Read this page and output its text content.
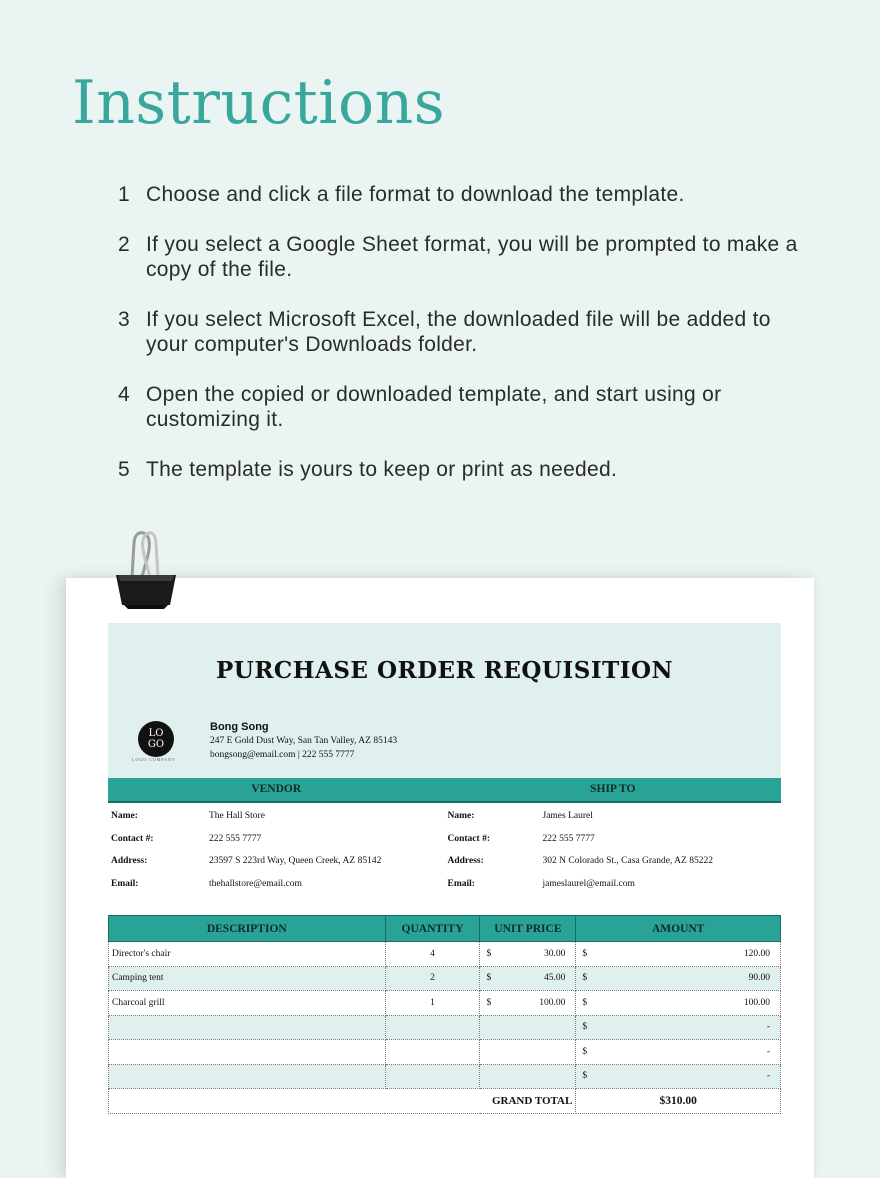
Instructions
1 Choose and click a file format to download the template.
2 If you select a Google Sheet format, you will be prompted to make a copy of the file.
3 If you select Microsoft Excel, the downloaded file will be added to your computer's Downloads folder.
4 Open the copied or downloaded template, and start using or customizing it.
5 The template is yours to keep or print as needed.
PURCHASE ORDER REQUISITION
LO
GO
LOGO COMPANY
Bong Song
247 E Gold Dust Way, San Tan Valley, AZ 85143
bongsong@email.com | 222 555 7777
VENDOR	SHIP TO
Name:	The Hall Store
Contact #:	222 555 7777
Address:	23597 S 223rd Way, Queen Creek, AZ 85142
Email:	thehallstore@email.com
Name:	James Laurel
Contact #:	222 555 7777
Address:	302 N Colorado St., Casa Grande, AZ 85222
Email:	jameslaurel@email.com
DESCRIPTION	QUANTITY	UNIT PRICE	AMOUNT
Director's chair	4	$ 30.00	$ 120.00
Camping tent	2	$ 45.00	$ 90.00
Charcoal grill	1	$ 100.00	$ 100.00

			$ -

			$ -

			$ -
GRAND TOTAL			$310.00
